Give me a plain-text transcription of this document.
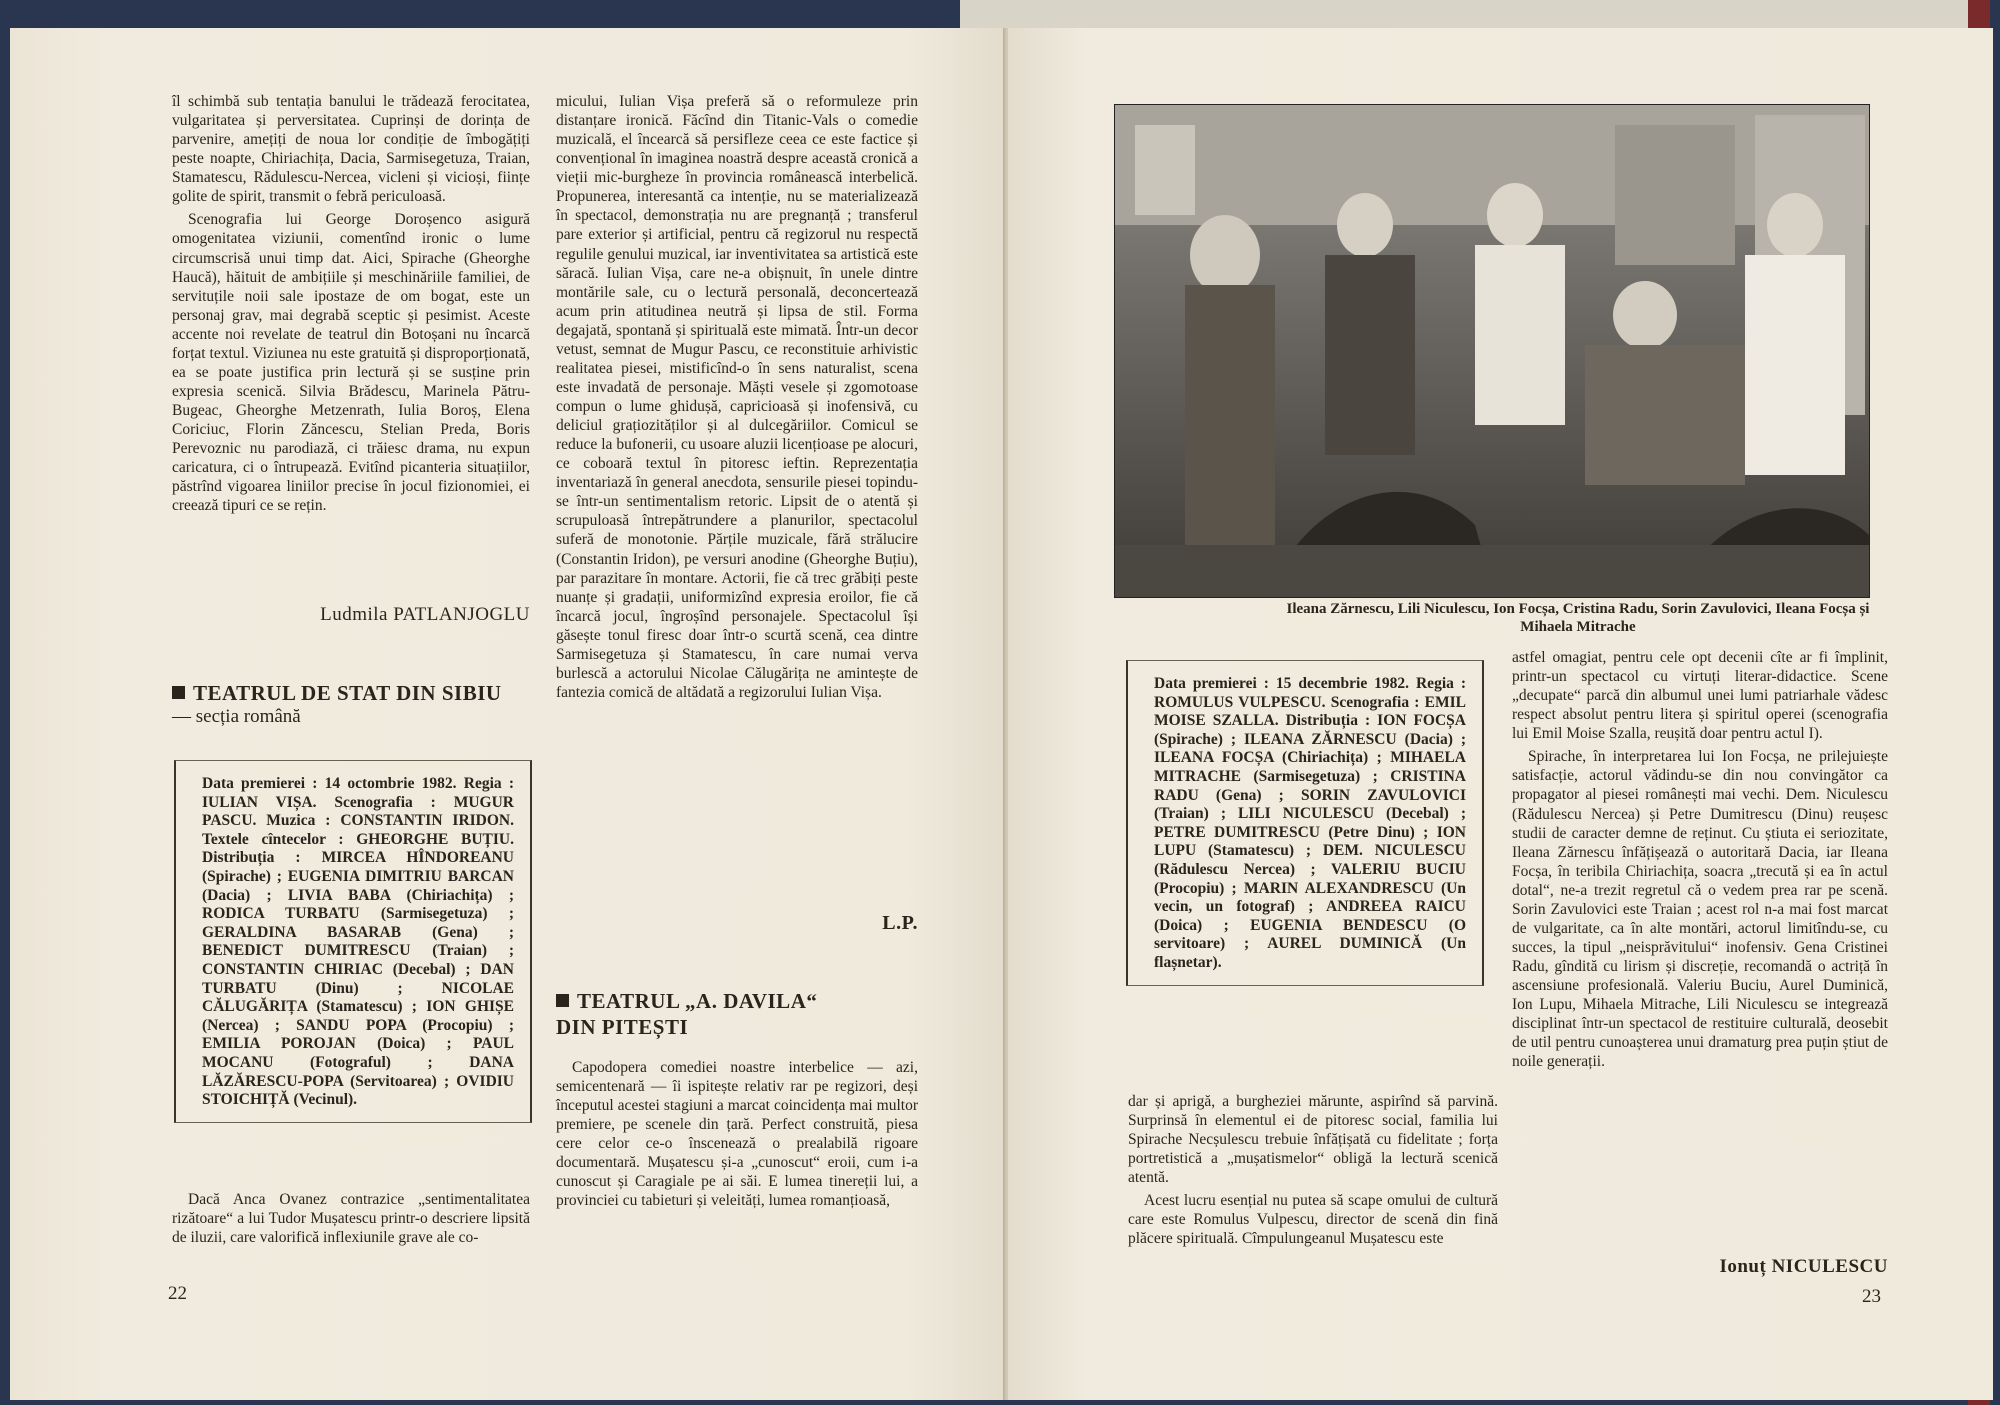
îl schimbă sub tentația banului le trădează ferocitatea, vulgaritatea și perversitatea. Cuprinși de dorința de parvenire, amețiți de noua lor condiție de îmbogățiți peste noapte, Chiriachița, Dacia, Sarmisegetuza, Traian, Stamatescu, Rădulescu-Nercea, vicleni și vicioși, ființe golite de spirit, transmit o febră periculoasă.

Scenografia lui George Doroșenco asigură omogenitatea viziunii, comentînd ironic o lume circumscrisă unui timp dat. Aici, Spirache (Gheorghe Haucă), hăituit de ambițiile și meschinăriile familiei, de servituțile noii sale ipostaze de om bogat, este un personaj grav, mai degrabă sceptic și pesimist. Aceste accente noi revelate de teatrul din Botoșani nu încarcă forțat textul. Viziunea nu este gratuită și disproporționată, ea se poate justifica prin lectură și se susține prin expresia scenică. Silvia Brădescu, Marinela Pătru-Bugeac, Gheorghe Metzenrath, Iulia Boroș, Elena Coriciuc, Florin Zăncescu, Stelian Preda, Boris Perevoznic nu parodiază, ci trăiesc drama, nu expun caricatura, ci o întrupează. Evitînd picanteria situațiilor, păstrînd vigoarea liniilor precise în jocul fizionomiei, ei creează tipuri ce se rețin.

Ludmila PATLANJOGLU
TEATRUL DE STAT DIN SIBIU
— secția română
Data premierei : 14 octombrie 1982. Regia : IULIAN VIȘA. Scenografia : MUGUR PASCU. Muzica : CONSTANTIN IRIDON. Textele cîntecelor : GHEORGHE BUȚIU. Distribuția : MIRCEA HÎNDOREANU (Spirache) ; EUGENIA DIMITRIU BARCAN (Dacia) ; LIVIA BABA (Chiriachița) ; RODICA TURBATU (Sarmisegetuza) ; GERALDINA BASARAB (Gena) ; BENEDICT DUMITRESCU (Traian) ; CONSTANTIN CHIRIAC (Decebal) ; DAN TURBATU (Dinu) ; NICOLAE CĂLUGĂRIȚA (Stamatescu) ; ION GHIȘE (Nercea) ; SANDU POPA (Procopiu) ; EMILIA POROJAN (Doica) ; PAUL MOCANU (Fotograful) ; DANA LĂZĂRESCU-POPA (Servitoarea) ; OVIDIU STOICHIȚĂ (Vecinul).

Dacă Anca Ovanez contrazice „sentimentalitatea rizătoare“ a lui Tudor Mușatescu printr-o descriere lipsită de iluzii, care valorifică inflexiunile grave ale co-

22

micului, Iulian Vișa preferă să o reformuleze prin distanțare ironică. Făcînd din Titanic-Vals o comedie muzicală, el încearcă să persifleze ceea ce este factice și convențional în imaginea noastră despre această cronică a vieții mic-burgheze în provincia românească interbelică. Propunerea, interesantă ca intenție, nu se materializează în spectacol, demonstrația nu are pregnanță ; transferul pare exterior și artificial, pentru că regizorul nu respectă regulile genului muzical, iar inventivitatea sa artistică este săracă. Iulian Vișa, care ne-a obișnuit, în unele dintre montările sale, cu o lectură personală, deconcertează acum prin atitudinea neutră și lipsa de stil. Forma degajată, spontană și spirituală este mimată. Într-un decor vetust, semnat de Mugur Pascu, ce reconstituie arhivistic realitatea piesei, mistificînd-o în sens naturalist, scena este invadată de personaje. Măști vesele și zgomotoase compun o lume ghidușă, capricioasă și inofensivă, cu deliciul grațiozităților și al dulcegăriilor. Comicul se reduce la bufonerii, cu usoare aluzii licențioase pe alocuri, ce coboară textul în pitoresc ieftin. Reprezentația inventariază în general anecdota, sensurile piesei topindu-se într-un sentimentalism retoric. Lipsit de o atentă și scrupuloasă întrepătrundere a planurilor, spectacolul suferă de monotonie. Părțile muzicale, fără strălucire (Constantin Iridon), pe versuri anodine (Gheorghe Buțiu), par parazitare în montare. Actorii, fie că trec grăbiți peste nuanțe și gradații, uniformizînd expresia eroilor, fie că încarcă jocul, îngroșînd personajele. Spectacolul își găsește tonul firesc doar într-o scurtă scenă, cea dintre Sarmisegetuza și Stamatescu, în care numai verva burlescă a actorului Nicolae Călugărița ne amintește de fantezia comică de altădată a regizorului Iulian Vișa.

L.P.
TEATRUL „A. DAVILA“
DIN PITEȘTI

Capodopera comediei noastre interbelice — azi, semicentenară — îi ispitește relativ rar pe regizori, deși începutul acestei stagiuni a marcat coincidența mai multor premiere, pe scenele din țară. Perfect construită, piesa cere celor ce-o înscenează o prealabilă rigoare documentară. Mușatescu și-a „cunoscut“ eroii, cum i-a cunoscut și Caragiale pe ai săi. E lumea tinereții lui, a provinciei cu tabieturi și veleități, lumea romanțioasă,

Ileana Zărnescu, Lili Niculescu, Ion Focșa, Cristina Radu, Sorin Zavulovici, Ileana Focșa și Mihaela Mitrache
Data premierei : 15 decembrie 1982. Regia : ROMULUS VULPESCU. Scenografia : EMIL MOISE SZALLA. Distribuția : ION FOCȘA (Spirache) ; ILEANA ZĂRNESCU (Dacia) ; ILEANA FOCȘA (Chiriachița) ; MIHAELA MITRACHE (Sarmisegetuza) ; CRISTINA RADU (Gena) ; SORIN ZAVULOVICI (Traian) ; LILI NICULESCU (Decebal) ; PETRE DUMITRESCU (Petre Dinu) ; ION LUPU (Stamatescu) ; DEM. NICULESCU (Rădulescu Nercea) ; VALERIU BUCIU (Procopiu) ; MARIN ALEXANDRESCU (Un vecin, un fotograf) ; ANDREEA RAICU (Doica) ; EUGENIA BENDESCU (O servitoare) ; AUREL DUMINICĂ (Un flașnetar).

dar și aprigă, a burgheziei mărunte, aspirînd să parvină. Surprinsă în elementul ei de pitoresc social, familia lui Spirache Necșulescu trebuie înfățișată cu fidelitate ; forța portretistică a „mușatismelor“ obligă la lectură scenică atentă.

Acest lucru esențial nu putea să scape omului de cultură care este Romulus Vulpescu, director de scenă din fină plăcere spirituală. Cîmpulungeanul Mușatescu este

astfel omagiat, pentru cele opt decenii cîte ar fi împlinit, printr-un spectacol cu virtuți literar-didactice. Scene „decupate“ parcă din albumul unei lumi patriarhale vădesc respect absolut pentru litera și spiritul operei (scenografia lui Emil Moise Szalla, reușită doar pentru actul I).

Spirache, în interpretarea lui Ion Focșa, ne prilejuiește satisfacție, actorul vădindu-se din nou convingător ca propagator al piesei românești mai vechi. Dem. Niculescu (Rădulescu Nercea) și Petre Dumitrescu (Dinu) reușesc studii de caracter demne de reținut. Cu știuta ei seriozitate, Ileana Zărnescu înfățișează o autoritară Dacia, iar Ileana Focșa, în teribila Chiriachița, soacra „trecută și ea în actul dotal“, ne-a trezit regretul că o vedem prea rar pe scenă. Sorin Zavulovici este Traian ; acest rol n-a mai fost marcat de vulgaritate, ca în alte montări, actorul limitîndu-se, cu succes, la tipul „neisprăvitului“ inofensiv. Gena Cristinei Radu, gîndită cu lirism și discreție, recomandă o actriță în ascensiune profesională. Valeriu Buciu, Aurel Duminică, Ion Lupu, Mihaela Mitrache, Lili Niculescu se integrează disciplinat într-un spectacol de restituire culturală, deosebit de util pentru cunoașterea unui dramaturg prea puțin știut de noile generații.

Ionuț NICULESCU
23
